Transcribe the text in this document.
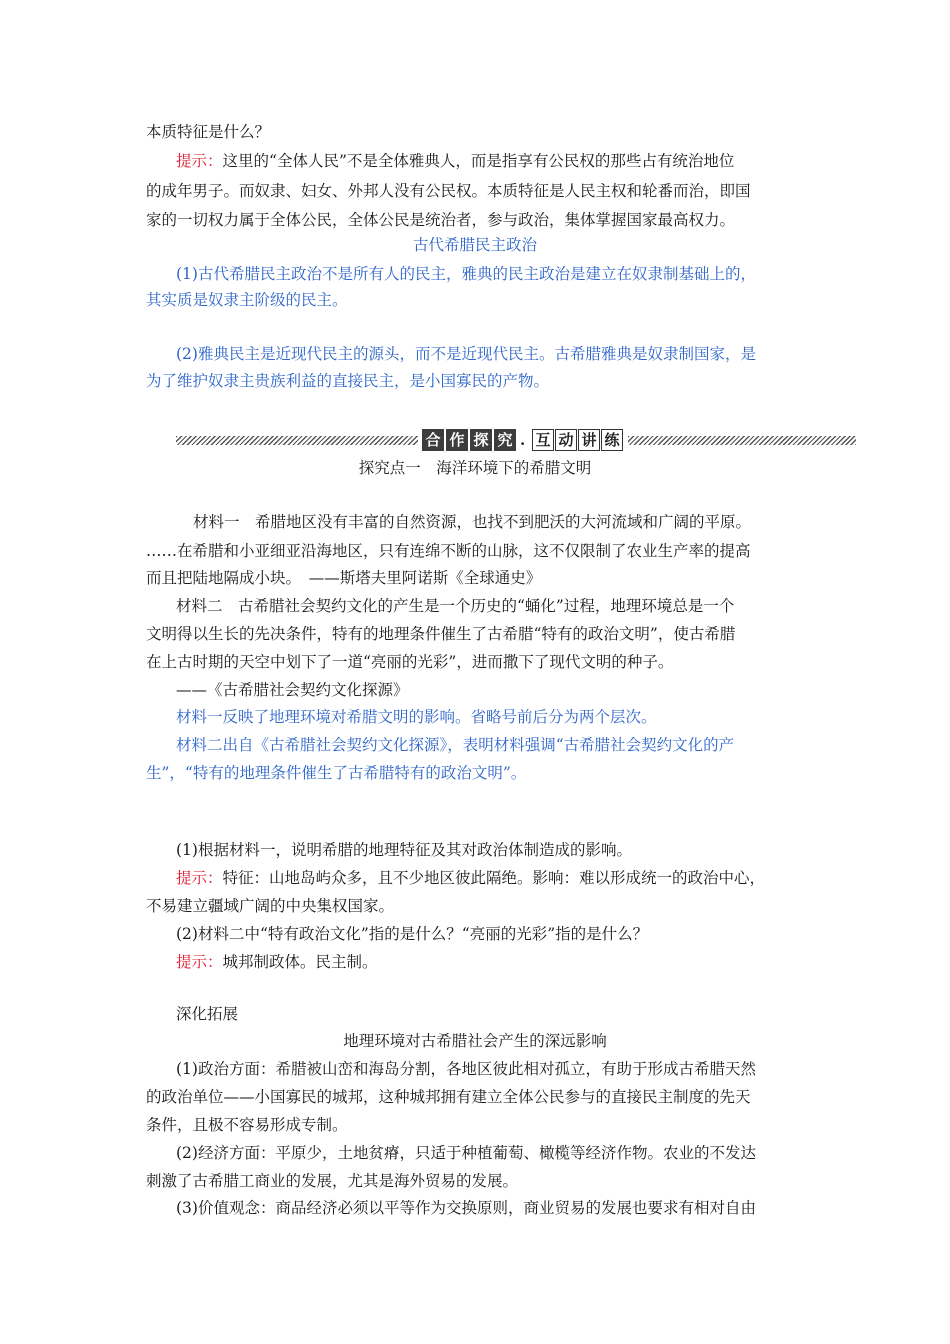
本质特征是什么？
提示：这里的“全体人民”不是全体雅典人，而是指享有公民权的那些占有统治地位
的成年男子。而奴隶、妇女、外邦人没有公民权。本质特征是人民主权和轮番而治，即国
家的一切权力属于全体公民，全体公民是统治者，参与政治，集体掌握国家最高权力。
古代希腊民主政治
(1)古代希腊民主政治不是所有人的民主，雅典的民主政治是建立在奴隶制基础上的，
其实质是奴隶主阶级的民主。
(2)雅典民主是近现代民主的源头，而不是近现代民主。古希腊雅典是奴隶制国家，是
为了维护奴隶主贵族利益的直接民主，是小国寡民的产物。
合 作 探 究 · 互 动 讲 练
探究点一　海洋环境下的希腊文明
材料一　希腊地区没有丰富的自然资源，也找不到肥沃的大河流域和广阔的平原。
……在希腊和小亚细亚沿海地区，只有连绵不断的山脉，这不仅限制了农业生产率的提高
而且把陆地隔成小块。　——斯塔夫里阿诺斯《全球通史》
材料二　古希腊社会契约文化的产生是一个历史的“蛹化”过程，地理环境总是一个
文明得以生长的先决条件，特有的地理条件催生了古希腊“特有的政治文明”，使古希腊
在上古时期的天空中划下了一道“亮丽的光彩”，进而撒下了现代文明的种子。
——《古希腊社会契约文化探源》
材料一反映了地理环境对希腊文明的影响。省略号前后分为两个层次。
材料二出自《古希腊社会契约文化探源》，表明材料强调“古希腊社会契约文化的产
生”，“特有的地理条件催生了古希腊特有的政治文明”。
(1)根据材料一，说明希腊的地理特征及其对政治体制造成的影响。
提示：特征：山地岛屿众多，且不少地区彼此隔绝。影响：难以形成统一的政治中心，
不易建立疆域广阔的中央集权国家。
(2)材料二中“特有政治文化”指的是什么？“亮丽的光彩”指的是什么？
提示：城邦制政体。民主制。
深化拓展
地理环境对古希腊社会产生的深远影响
(1)政治方面：希腊被山峦和海岛分割，各地区彼此相对孤立，有助于形成古希腊天然
的政治单位——小国寡民的城邦，这种城邦拥有建立全体公民参与的直接民主制度的先天
条件，且极不容易形成专制。
(2)经济方面：平原少，土地贫瘠，只适于种植葡萄、橄榄等经济作物。农业的不发达
刺激了古希腊工商业的发展，尤其是海外贸易的发展。
(3)价值观念：商品经济必须以平等作为交换原则，商业贸易的发展也要求有相对自由
